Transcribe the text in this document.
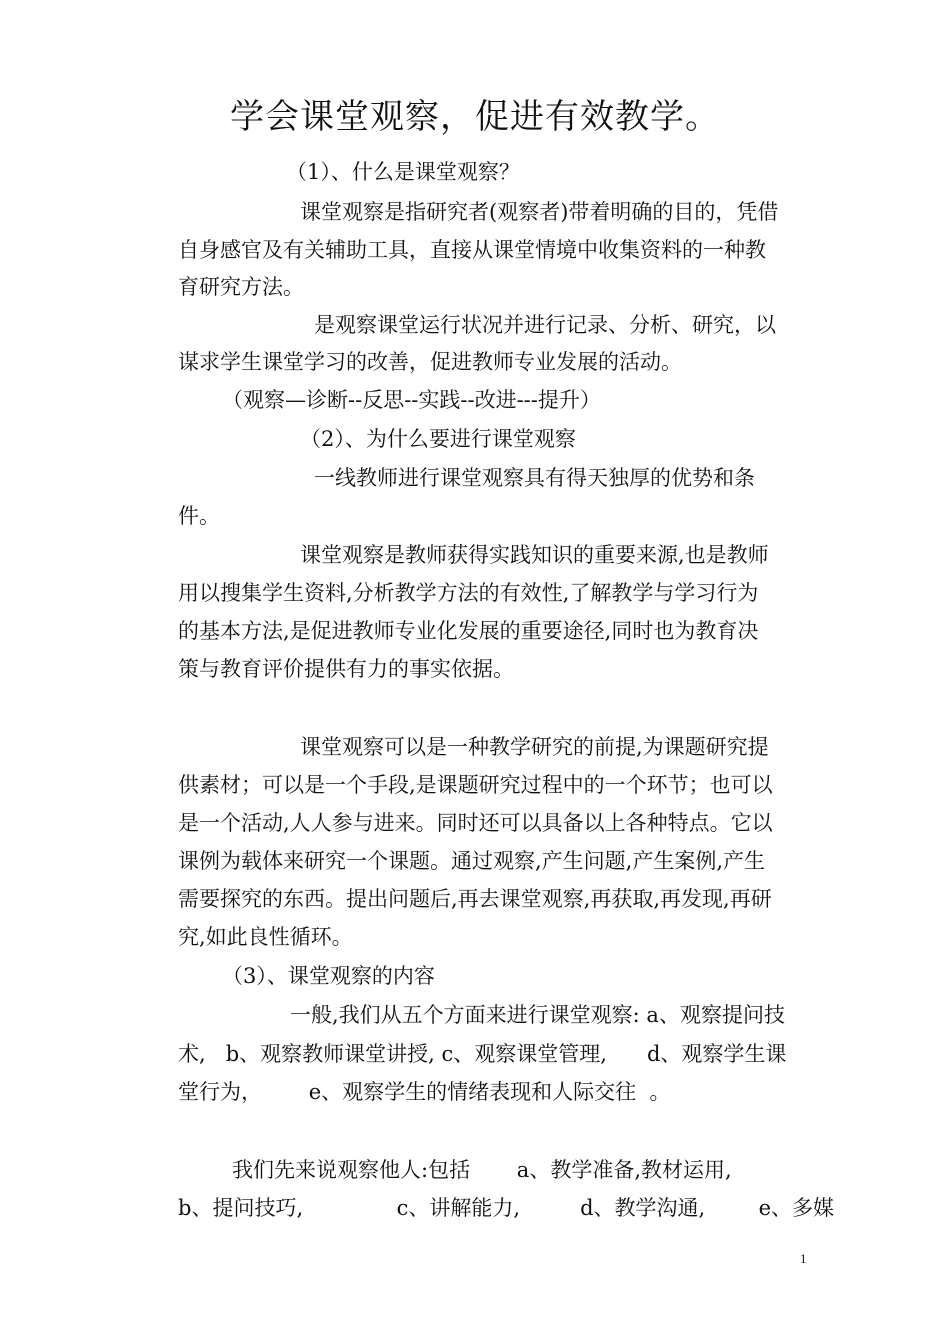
学会课堂观察，促进有效教学。

（1）、什么是课堂观察？

课堂观察是指研究者(观察者)带着明确的目的，凭借

自身感官及有关辅助工具，直接从课堂情境中收集资料的一种教

育研究方法。

是观察课堂运行状况并进行记录、分析、研究，以

谋求学生课堂学习的改善，促进教师专业发展的活动。

（观察—诊断--反思--实践--改进---提升）

（2）、为什么要进行课堂观察

一线教师进行课堂观察具有得天独厚的优势和条

件。

课堂观察是教师获得实践知识的重要来源,也是教师

用以搜集学生资料,分析教学方法的有效性,了解教学与学习行为

的基本方法,是促进教师专业化发展的重要途径,同时也为教育决

策与教育评价提供有力的事实依据。

课堂观察可以是一种教学研究的前提,为课题研究提

供素材；可以是一个手段,是课题研究过程中的一个环节；也可以

是一个活动,人人参与进来。同时还可以具备以上各种特点。它以

课例为载体来研究一个课题。通过观察,产生问题,产生案例,产生

需要探究的东西。提出问题后,再去课堂观察,再获取,再发现,再研

究,如此良性循环。

（3）、课堂观察的内容

一般,我们从五个方面来进行课堂观察: a、观察提问技

术,   b、观察教师课堂讲授, c、观察课堂管理,      d、观察学生课

堂行为，       e、观察学生的情绪表现和人际交往  。

我们先来说观察他人:包括       a、教学准备,教材运用,

b、提问技巧,              c、讲解能力,         d、教学沟通,        e、多媒

1
